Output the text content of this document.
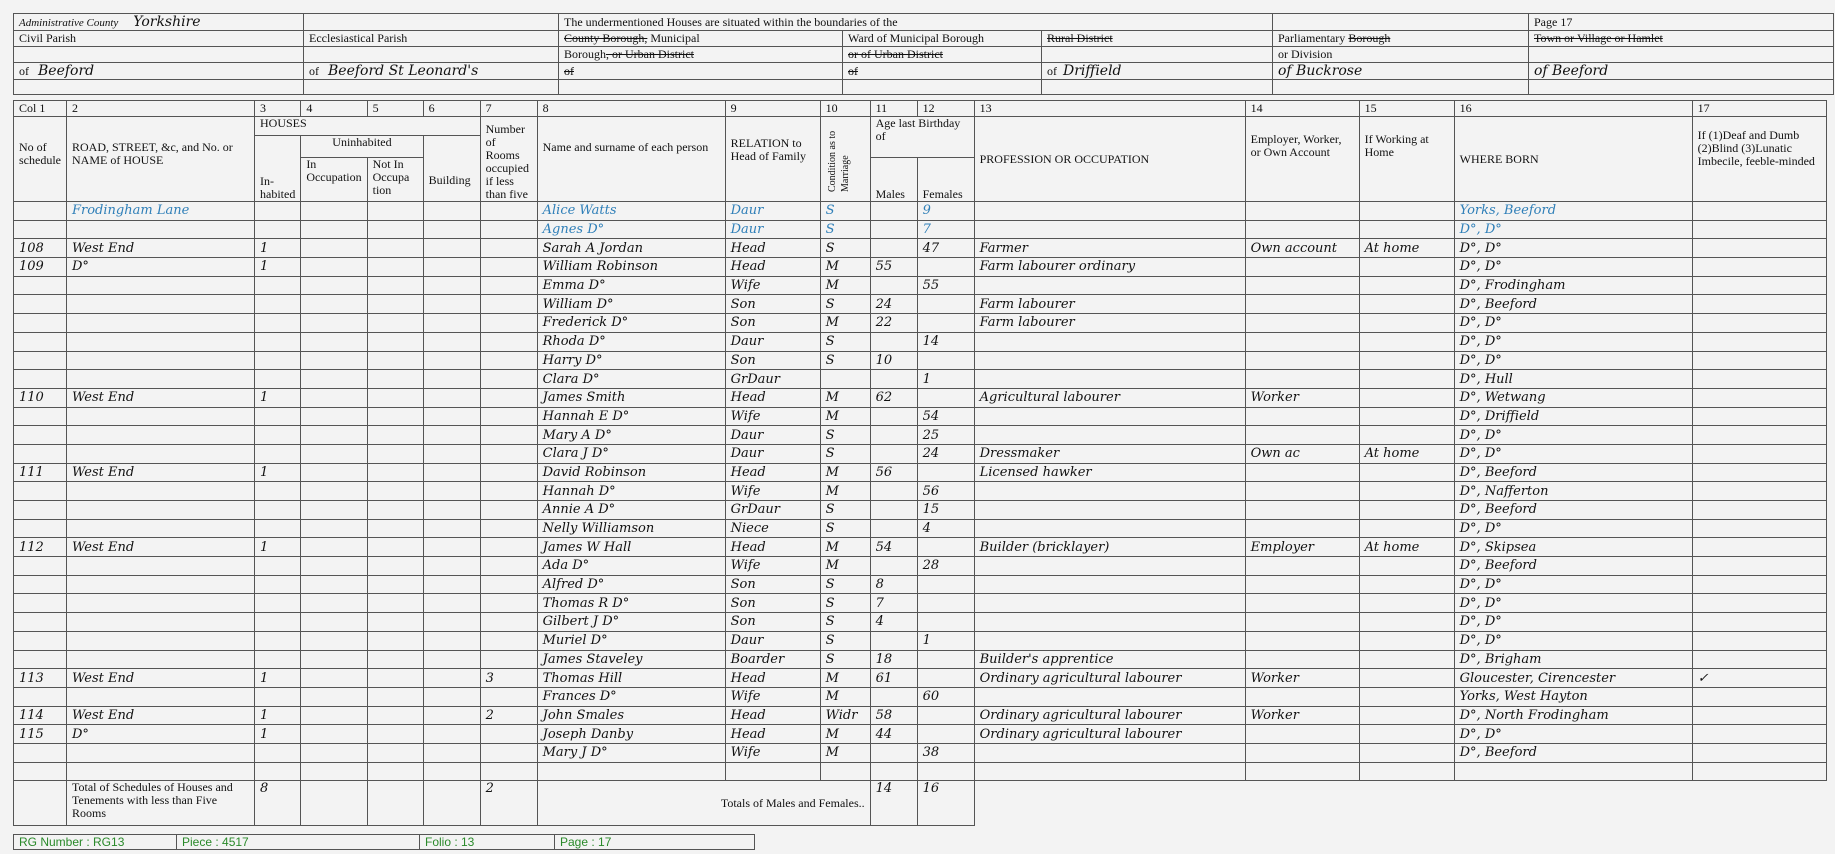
Administrative County Yorkshire		The undermentioned Houses are situated within the boundaries of the				Page 17
Civil Parish	Ecclesiastical Parish	County Borough, Municipal	Ward of Municipal Borough	Rural District	Parliamentary Borough	Town or Village or Hamlet
		Borough, or Urban District	or of Urban District		or Division	
of Beeford	of Beeford St Leonard's	of	of	of Driffield	of Buckrose	of Beeford

Col 1	2	3	4	5	6	7	8	9	10	11	12	13	14	15	16	17
No of schedule	ROAD, STREET, &c, and No. or NAME of HOUSE	HOUSES				Number of Rooms occupied if less than five	Name and surname of each person	RELATION to Head of Family	Condition as to Marriage	Age last Birthday of		PROFESSION OR OCCUPATION	Employer, Worker, or Own Account	If Working at Home	WHERE BORN	If (1)Deaf and Dumb (2)Blind (3)Lunatic Imbecile, feeble-minded
		In- habited	Uninhabited		Building											
			In Occupation	Not In Occupa tion						Males	Females					

	Frodingham Lane						Alice Watts	Daur	S		9				Yorks, Beeford	
							Agnes D°	Daur	S		7				D°, D°	
108	West End	1					Sarah A Jordan	Head	S		47	Farmer	Own account	At home	D°, D°	
109	D°	1					William Robinson	Head	M	55		Farm labourer ordinary			D°, D°	
							Emma D°	Wife	M		55				D°, Frodingham	
							William D°	Son	S	24		Farm labourer			D°, Beeford	
							Frederick D°	Son	M	22		Farm labourer			D°, D°	
							Rhoda D°	Daur	S		14				D°, D°	
							Harry D°	Son	S	10					D°, D°	
							Clara D°	GrDaur			1				D°, Hull	
110	West End	1					James Smith	Head	M	62		Agricultural labourer	Worker		D°, Wetwang	
							Hannah E D°	Wife	M		54				D°, Driffield	
							Mary A D°	Daur	S		25				D°, D°	
							Clara J D°	Daur	S		24	Dressmaker	Own ac	At home	D°, D°	
111	West End	1					David Robinson	Head	M	56		Licensed hawker			D°, Beeford	
							Hannah D°	Wife	M		56				D°, Nafferton	
							Annie A D°	GrDaur	S		15				D°, Beeford	
							Nelly Williamson	Niece	S		4				D°, D°	
112	West End	1					James W Hall	Head	M	54		Builder (bricklayer)	Employer	At home	D°, Skipsea	
							Ada D°	Wife	M		28				D°, Beeford	
							Alfred D°	Son	S	8					D°, D°	
							Thomas R D°	Son	S	7					D°, D°	
							Gilbert J D°	Son	S	4					D°, D°	
							Muriel D°	Daur	S		1				D°, D°	
							James Staveley	Boarder	S	18		Builder's apprentice			D°, Brigham	
113	West End	1				3	Thomas Hill	Head	M	61		Ordinary agricultural labourer	Worker		Gloucester, Cirencester	✓
							Frances D°	Wife	M		60				Yorks, West Hayton	
114	West End	1				2	John Smales	Head	Widr	58		Ordinary agricultural labourer	Worker		D°, North Frodingham	
115	D°	1					Joseph Danby	Head	M	44		Ordinary agricultural labourer			D°, D°	
							Mary J D°	Wife	M		38				D°, Beeford	

	Total of Schedules of Houses and Tenements with less than Five Rooms	8				2	Totals of Males and Females..			14	16					
RG Number : RG13	Piece : 4517	Folio : 13	Page : 17
